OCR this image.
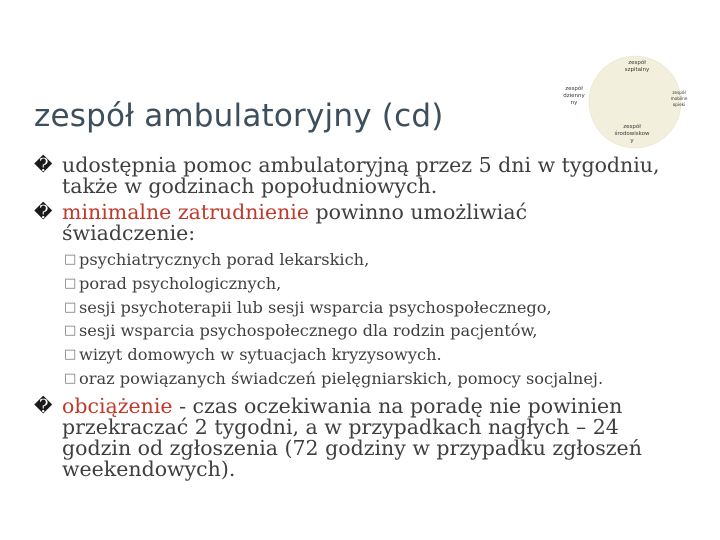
zespół ambulatoryjny (cd)
zespół
szpitalny
zespół
dzienny
ny
zespół
mobilne
opieki
zespół
środowiskow
y
� udostępnia pomoc ambulatoryjną przez 5 dni w tygodniu,
także w godzinach popołudniowych.
� minimalne zatrudnienie powinno umożliwiać
świadczenie:
□ psychiatrycznych porad lekarskich,
□ porad psychologicznych,
□ sesji psychoterapii lub sesji wsparcia psychospołecznego,
□ sesji wsparcia psychospołecznego dla rodzin pacjentów,
□ wizyt domowych w sytuacjach kryzysowych.
□ oraz powiązanych świadczeń pielęgniarskich, pomocy socjalnej.
� obciążenie - czas oczekiwania na poradę nie powinien
przekraczać 2 tygodni, a w przypadkach nagłych – 24
godzin od zgłoszenia (72 godziny w przypadku zgłoszeń
weekendowych).
